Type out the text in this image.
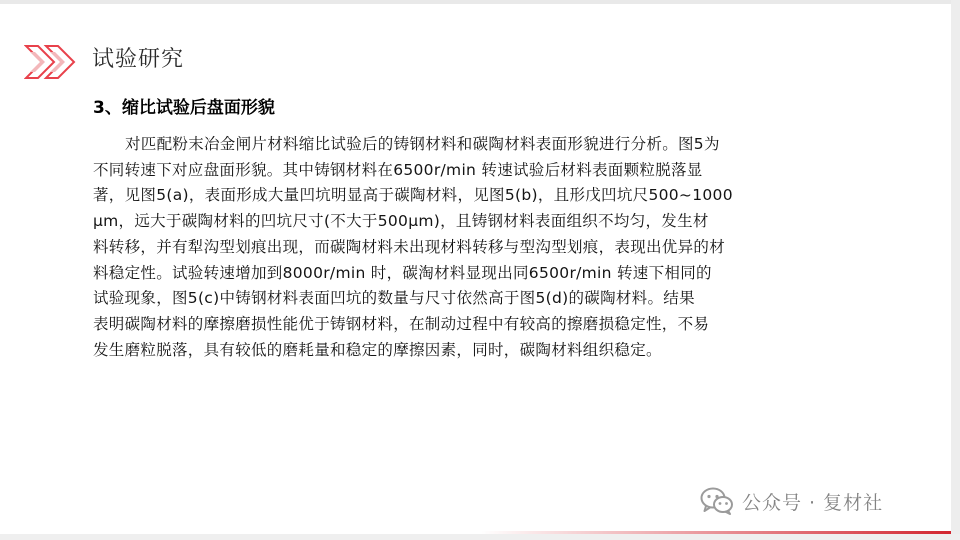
试验研究
3、缩比试验后盘面形貌
对匹配粉末冶金闸片材料缩比试验后的铸钢材料和碳陶材料表面形貌进行分析。图5为
不同转速下对应盘面形貌。其中铸钢材料在6500r/min 转速试验后材料表面颗粒脱落显
著，见图5(a)，表面形成大量凹坑明显高于碳陶材料，见图5(b)，且形戊凹坑尺500~1000
μm，远大于碳陶材料的凹坑尺寸(不大于500μm)，且铸钢材料表面组织不均匀，发生材
料转移，并有犁沟型划痕出现，而碳陶材料未出现材料转移与型沟型划痕，表现出优异的材
料稳定性。试验转速增加到8000r/min 时，碳淘材料显现出同6500r/min 转速下相同的
试验现象，图5(c)中铸钢材料表面凹坑的数量与尺寸依然高于图5(d)的碳陶材料。结果
表明碳陶材料的摩擦磨损性能优于铸钢材料，在制动过程中有较高的擦磨损稳定性，不易
发生磨粒脱落，具有较低的磨耗量和稳定的摩擦因素，同时，碳陶材料组织稳定。
公众号 · 复材社
